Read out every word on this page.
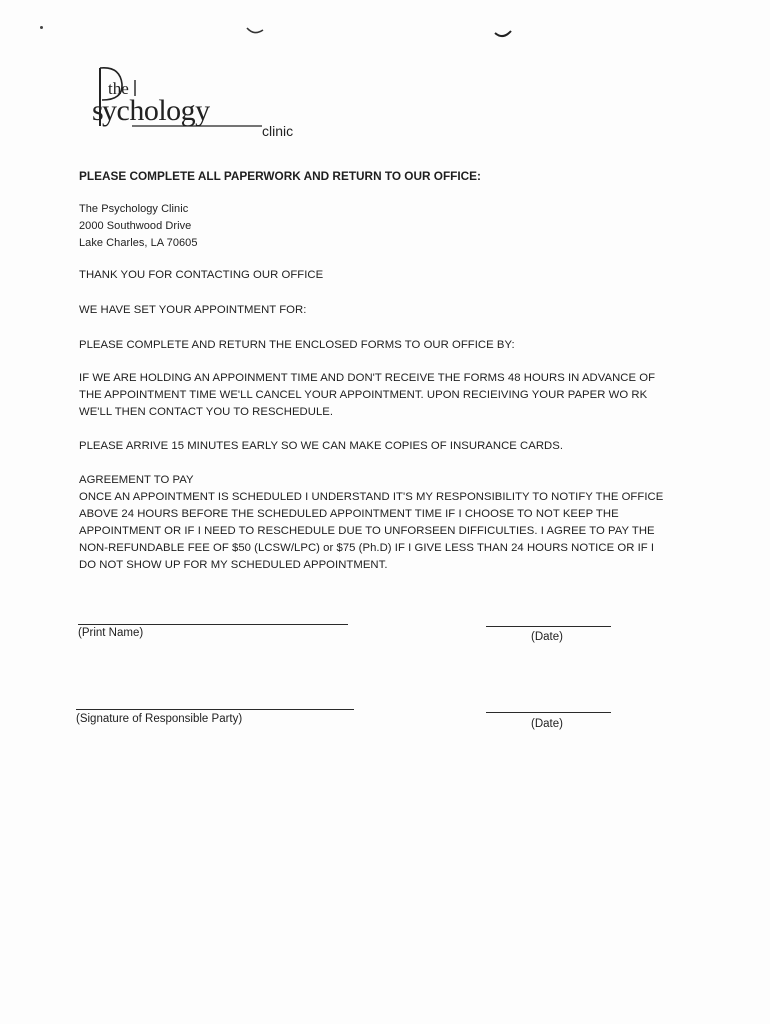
the
ychology
s
clinic
PLEASE COMPLETE ALL PAPERWORK AND RETURN TO OUR OFFICE:
The Psychology Clinic
2000 Southwood Drive
Lake Charles, LA 70605
THANK YOU FOR CONTACTING OUR OFFICE
WE HAVE SET YOUR APPOINTMENT FOR:
PLEASE COMPLETE AND RETURN THE ENCLOSED FORMS TO OUR OFFICE BY:
IF WE ARE HOLDING AN APPOINMENT TIME AND DON'T RECEIVE THE FORMS 48 HOURS IN ADVANCE OF
THE APPOINTMENT TIME WE'LL CANCEL YOUR APPOINTMENT. UPON RECIEIVING YOUR PAPER WO RK
WE'LL THEN CONTACT YOU TO RESCHEDULE.
PLEASE ARRIVE 15 MINUTES EARLY SO WE CAN MAKE COPIES OF INSURANCE CARDS.
AGREEMENT TO PAY
ONCE AN APPOINTMENT IS SCHEDULED I UNDERSTAND IT'S MY RESPONSIBILITY TO NOTIFY THE OFFICE
ABOVE 24 HOURS BEFORE THE SCHEDULED APPOINTMENT TIME IF I CHOOSE TO NOT KEEP THE
APPOINTMENT OR IF I NEED TO RESCHEDULE DUE TO UNFORSEEN DIFFICULTIES. I AGREE TO PAY THE
NON-REFUNDABLE FEE OF $50 (LCSW/LPC) or $75 (Ph.D) IF I GIVE LESS THAN 24 HOURS NOTICE OR IF I
DO NOT SHOW UP FOR MY SCHEDULED APPOINTMENT.
(Print Name)	(Date)
(Signature of Responsible Party)	(Date)
